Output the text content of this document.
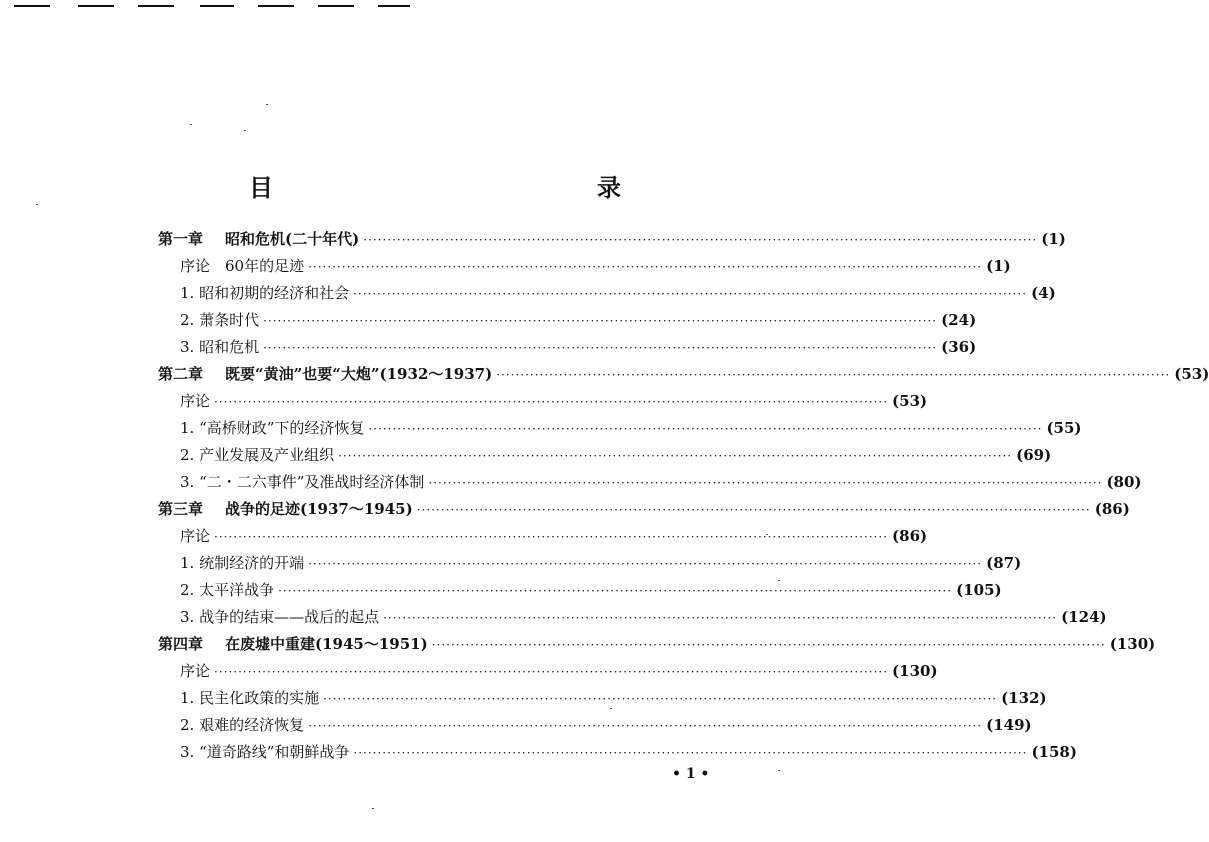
目　　录
第一章 昭和危机(二十年代) ············································································································································ (1)
序论　60年的足迹 ············································································································································ (1)
1. 昭和初期的经济和社会 ············································································································································ (4)
2. 萧条时代 ············································································································································ (24)
3. 昭和危机 ············································································································································ (36)
第二章 既要“黄油”也要“大炮”(1932～1937) ············································································································································ (53)
序论 ············································································································································ (53)
1. “高桥财政”下的经济恢复 ············································································································································ (55)
2. 产业发展及产业组织 ············································································································································ (69)
3. “二・二六事件”及准战时经济体制 ············································································································································ (80)
第三章 战争的足迹(1937～1945) ············································································································································ (86)
序论 ············································································································································ (86)
1. 统制经济的开端 ············································································································································ (87)
2. 太平洋战争 ············································································································································ (105)
3. 战争的结束——战后的起点 ············································································································································ (124)
第四章 在废墟中重建(1945～1951) ············································································································································ (130)
序论 ············································································································································ (130)
1. 民主化政策的实施 ············································································································································ (132)
2. 艰难的经济恢复 ············································································································································ (149)
3. “道奇路线”和朝鲜战争 ············································································································································ (158)
• 1 •
